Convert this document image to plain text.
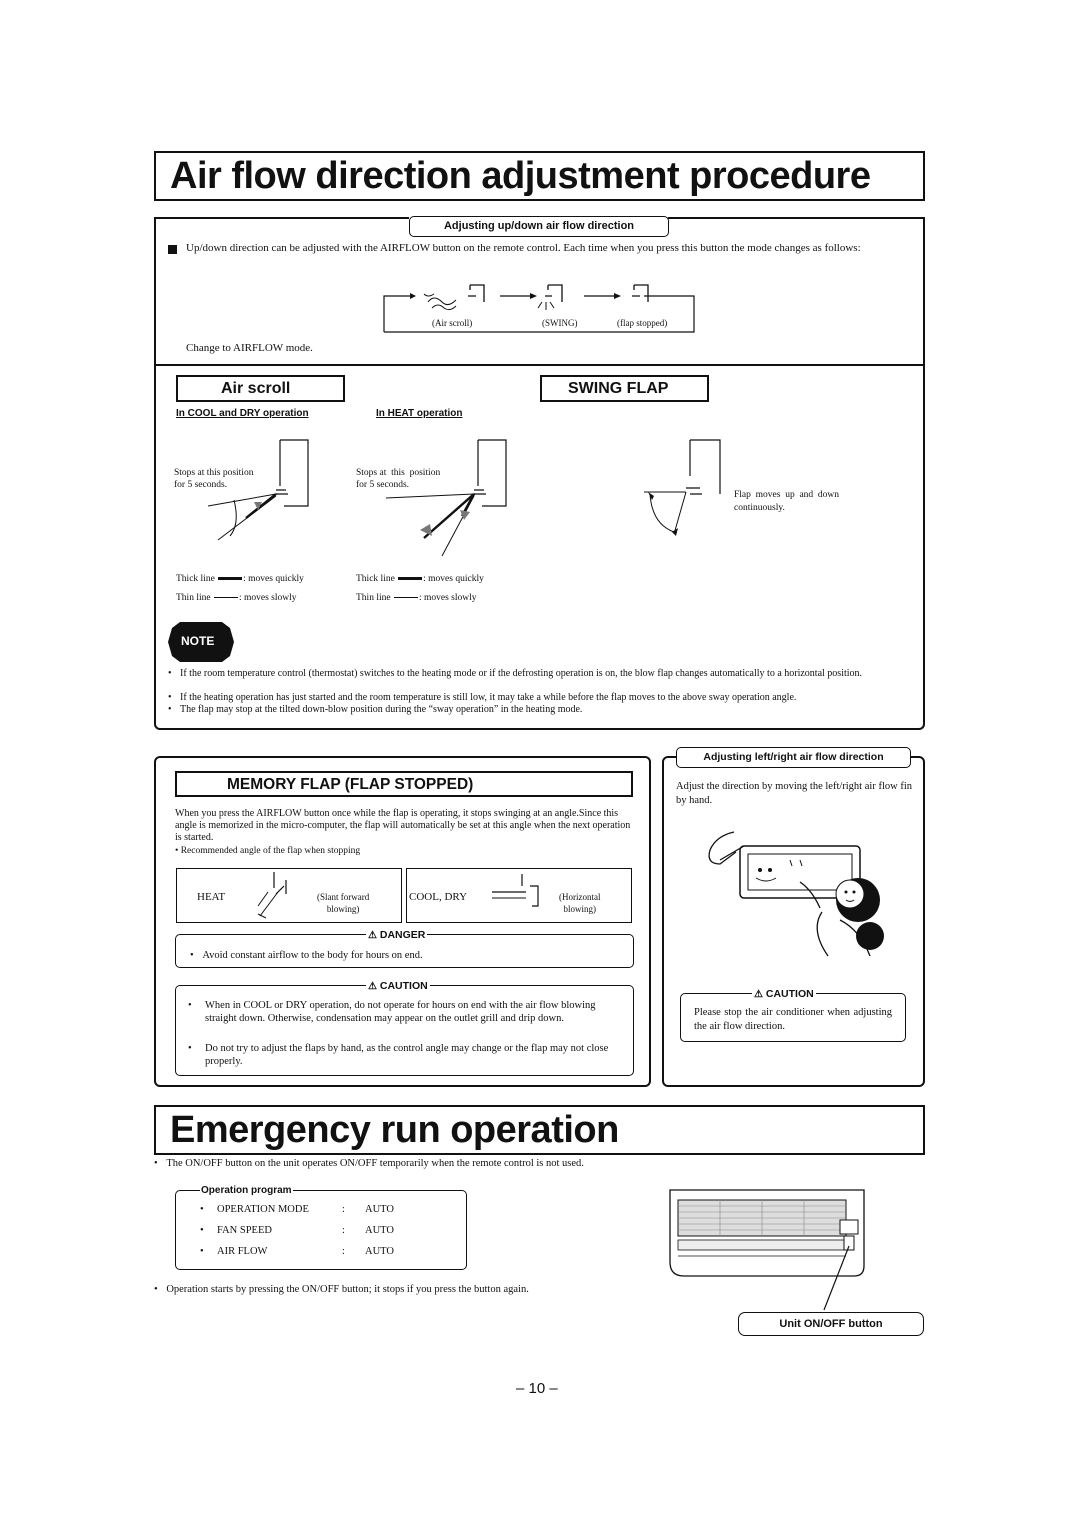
Air flow direction adjustment procedure
Adjusting up/down air flow direction
Up/down direction can be adjusted with the AIRFLOW button on the remote control. Each time when you press this button the mode changes as follows:
(Air scroll)	(SWING)	(flap stopped)
Change to AIRFLOW mode.
Air scroll	SWING FLAP
In COOL and DRY operation	In HEAT operation
Stops at this position
for 5 seconds.
Stops at  this  position
for 5 seconds.
Flap  moves  up  and  down
continuously.
Thick line	: moves quickly
Thin line	: moves slowly
Thick line	: moves quickly
Thin line	: moves slowly
NOTE
• If the room temperature control (thermostat) switches to the heating mode or if the defrosting operation is on, the blow flap changes automatically to a horizontal position.
• If the heating operation has just started and the room temperature is still low, it may take a while before the flap moves to the above sway operation angle.
• The flap may stop at the tilted down-blow position during the “sway operation” in the heating mode.
MEMORY FLAP (FLAP STOPPED)
When you press the AIRFLOW button once while the flap is operating, it stops swinging at an angle.Since this angle is memorized in the micro-computer, the flap will automatically be set at this angle when the next operation is started.
• Recommended angle of the flap when stopping
HEAT	(Slant forward
blowing)
COOL, DRY	(Horizontal
blowing)
⚠ DANGER
• Avoid constant airflow to the body for hours on end.
⚠ CAUTION
• When in COOL or DRY operation, do not operate for hours on end with the air flow blowing straight down. Otherwise, condensation may appear on the outlet grill and drip down.
• Do not try to adjust the flaps by hand, as the control angle may change or the flap may not close properly.
Adjusting left/right air flow direction
Adjust the direction by moving the left/right air flow fin by hand.
⚠ CAUTION
Please stop the air conditioner when adjusting the air flow direction.
Emergency run operation
• The ON/OFF button on the unit operates ON/OFF temporarily when the remote control is not used.
Operation program
• OPERATION MODE	: AUTO
• FAN SPEED	: AUTO
• AIR FLOW	: AUTO
• Operation starts by pressing the ON/OFF button; it stops if you press the button again.
Unit ON/OFF button
– 10 –
